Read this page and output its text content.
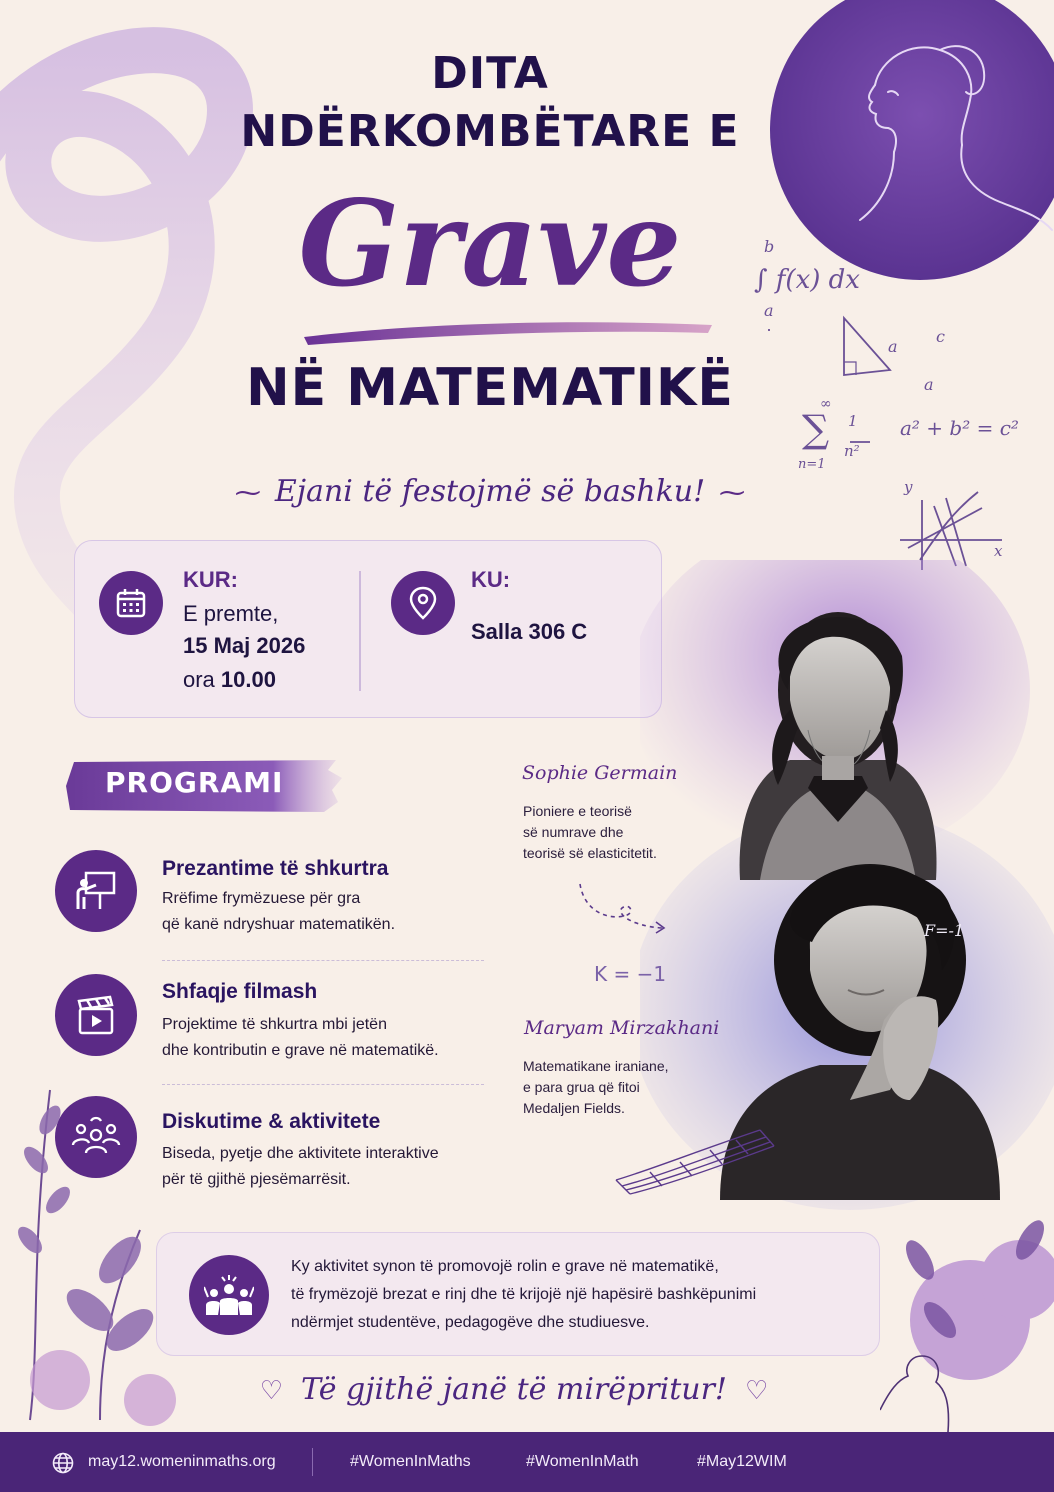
b
∫ f(x) dx
a
a
c
a
∞
∑
n=1
1
n²
a² + b² = c²
y
x
DITA
NDËRKOMBËTARE E
Grave
NË MATEMATIKË
⁓ Ejani të festojmë së bashku! ⁓
KUR:
E premte,
15 Maj 2026
ora 10.00
KU:
Salla 306 C
PROGRAMI
Prezantime të shkurtra
Rrëfime frymëzuese për gra
që kanë ndryshuar matematikën.
Shfaqje filmash
Projektime të shkurtra mbi jetën
dhe kontributin e grave në matematikë.
Diskutime & aktivitete
Biseda, pyetje dhe aktivitete interaktive
për të gjithë pjesëmarrësit.
F=-1
Sophie Germain
Pioniere e teorisë
së numrave dhe
teorisë së elasticitetit.
K = −1
Maryam Mirzakhani
Matematikane iraniane,
e para grua që fitoi
Medaljen Fields.
Ky aktivitet synon të promovojë rolin e grave në matematikë,
të frymëzojë brezat e rinj dhe të krijojë një hapësirë bashkëpunimi
ndërmjet studentëve, pedagogëve dhe studiuesve.
♡ Të gjithë janë të mirëpritur! ♡
may12.womeninmaths.org	#WomenInMaths	#WomenInMath	#May12WIM
